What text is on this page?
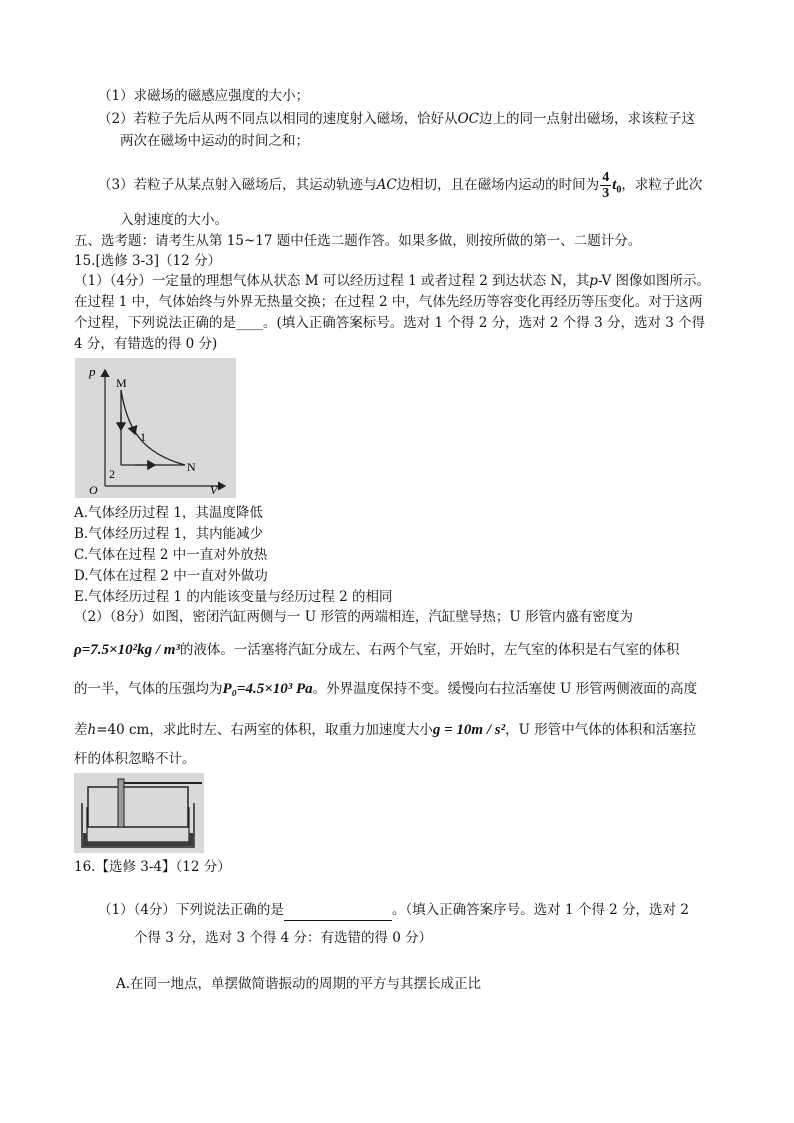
（1）求磁场的磁感应强度的大小；
（2）若粒子先后从两不同点以相同的速度射入磁场，恰好从OC边上的同一点射出磁场，求该粒子这
两次在磁场中运动的时间之和；
（3）若粒子从某点射入磁场后，其运动轨迹与AC边相切，且在磁场内运动的时间为 $\frac{4}{3} t_0$，求粒子此次
入射速度的大小。
五、选考题：请考生从第 15~17 题中任选二题作答。如果多做，则按所做的第一、二题计分。
15.[选修 3-3]（12 分）
（1）（4分）一定量的理想气体从状态 M 可以经历过程 1 或者过程 2 到达状态 N，其p-V 图像如图所示。
在过程 1 中，气体始终与外界无热量交换；在过程 2 中，气体先经历等容变化再经历等压变化。对于这两
个过程，下列说法正确的是____。(填入正确答案标号。选对 1 个得 2 分，选对 2 个得 3 分，选对 3 个得
4 分，有错选的得 0 分)
p
V
O
M
N
1
2
A.气体经历过程 1，其温度降低
B.气体经历过程 1，其内能减少
C.气体在过程 2 中一直对外放热
D.气体在过程 2 中一直对外做功
E.气体经历过程 1 的内能该变量与经历过程 2 的相同
（2）（8分）如图，密闭汽缸两侧与一 U 形管的两端相连，汽缸壁导热；U 形管内盛有密度为
ρ=7.5×10²kg / m³的液体。一活塞将汽缸分成左、右两个气室，开始时，左气室的体积是右气室的体积
的一半，气体的压强均为P₀=4.5×10³ Pa。外界温度保持不变。缓慢向右拉活塞使 U 形管两侧液面的高度
差h=40 cm，求此时左、右两室的体积，取重力加速度大小g = 10m / s²，U 形管中气体的体积和活塞拉
杆的体积忽略不计。
16.【选修 3-4】（12 分）
（1）（4分）下列说法正确的是	。（填入正确答案序号。选对 1 个得 2 分，选对 2
个得 3 分，选对 3 个得 4 分：有选错的得 0 分）
A.在同一地点，单摆做简谐振动的周期的平方与其摆长成正比
